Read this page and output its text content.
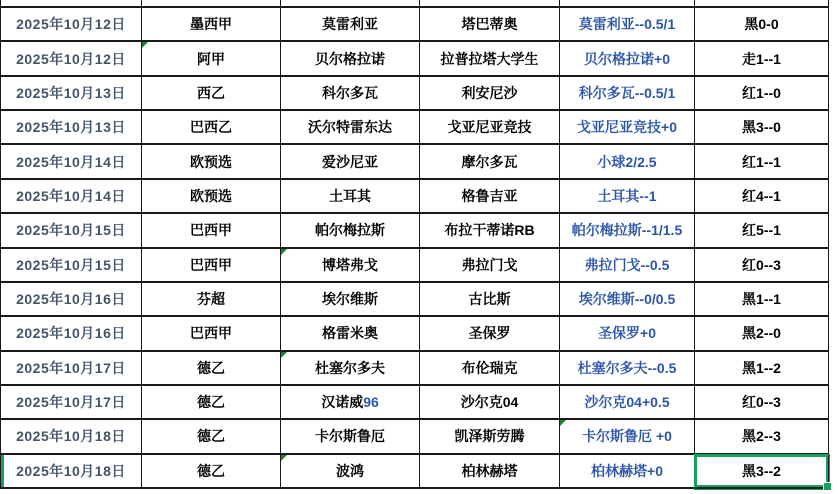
2025年10月12日	墨西甲	莫雷利亚	塔巴蒂奥	莫雷利亚--0.5/1	黑0-0
2025年10月12日	阿甲	贝尔格拉诺	拉普拉塔大学生	贝尔格拉诺+0	走1--1
2025年10月13日	西乙	科尔多瓦	利安尼沙	科尔多瓦--0.5/1	红1--0
2025年10月13日	巴西乙	沃尔特雷东达	戈亚尼亚竞技	戈亚尼亚竞技+0	黑3--0
2025年10月14日	欧预选	爱沙尼亚	摩尔多瓦	小球2/2.5	红1--1
2025年10月14日	欧预选	土耳其	格鲁吉亚	土耳其--1	红4--1
2025年10月15日	巴西甲	帕尔梅拉斯	布拉干蒂诺RB	帕尔梅拉斯--1/1.5	红5--1
2025年10月15日	巴西甲	博塔弗戈	弗拉门戈	弗拉门戈--0.5	红0--3
2025年10月16日	芬超	埃尔维斯	古比斯	埃尔维斯--0/0.5	黑1--1
2025年10月16日	巴西甲	格雷米奥	圣保罗	圣保罗+0	黑2--0
2025年10月17日	德乙	杜塞尔多夫	布伦瑞克	杜塞尔多夫--0.5	黑1--2
2025年10月17日	德乙	汉诺威 96	沙尔克04	沙尔克04+0.5	红0--3
2025年10月18日	德乙	卡尔斯鲁厄	凯泽斯劳腾	卡尔斯鲁厄 +0	黑2--3
2025年10月18日	德乙	波鸿	柏林赫塔	柏林赫塔+0	黑3--2
